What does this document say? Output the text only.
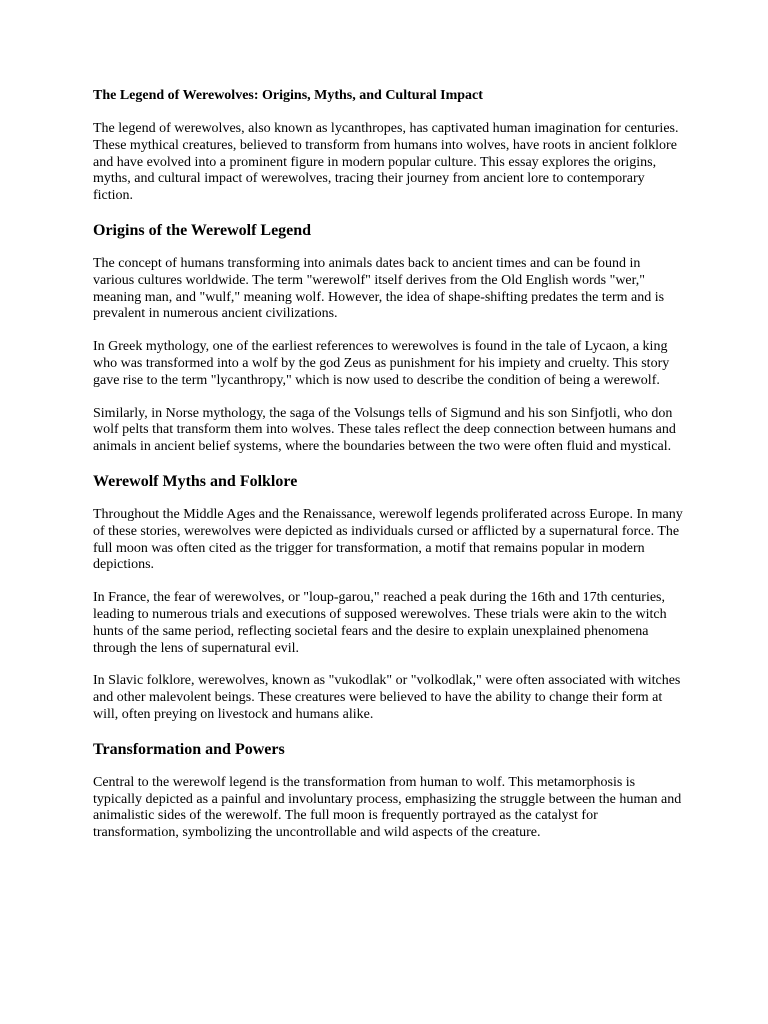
The Legend of Werewolves: Origins, Myths, and Cultural Impact

The legend of werewolves, also known as lycanthropes, has captivated human imagination for centuries. These mythical creatures, believed to transform from humans into wolves, have roots in ancient folklore and have evolved into a prominent figure in modern popular culture. This essay explores the origins, myths, and cultural impact of werewolves, tracing their journey from ancient lore to contemporary fiction.

Origins of the Werewolf Legend

The concept of humans transforming into animals dates back to ancient times and can be found in various cultures worldwide. The term "werewolf" itself derives from the Old English words "wer," meaning man, and "wulf," meaning wolf. However, the idea of shape-shifting predates the term and is prevalent in numerous ancient civilizations.

In Greek mythology, one of the earliest references to werewolves is found in the tale of Lycaon, a king who was transformed into a wolf by the god Zeus as punishment for his impiety and cruelty. This story gave rise to the term "lycanthropy," which is now used to describe the condition of being a werewolf.

Similarly, in Norse mythology, the saga of the Volsungs tells of Sigmund and his son Sinfjotli, who don wolf pelts that transform them into wolves. These tales reflect the deep connection between humans and animals in ancient belief systems, where the boundaries between the two were often fluid and mystical.

Werewolf Myths and Folklore

Throughout the Middle Ages and the Renaissance, werewolf legends proliferated across Europe. In many of these stories, werewolves were depicted as individuals cursed or afflicted by a supernatural force. The full moon was often cited as the trigger for transformation, a motif that remains popular in modern depictions.

In France, the fear of werewolves, or "loup-garou," reached a peak during the 16th and 17th centuries, leading to numerous trials and executions of supposed werewolves. These trials were akin to the witch hunts of the same period, reflecting societal fears and the desire to explain unexplained phenomena through the lens of supernatural evil.

In Slavic folklore, werewolves, known as "vukodlak" or "volkodlak," were often associated with witches and other malevolent beings. These creatures were believed to have the ability to change their form at will, often preying on livestock and humans alike.

Transformation and Powers

Central to the werewolf legend is the transformation from human to wolf. This metamorphosis is typically depicted as a painful and involuntary process, emphasizing the struggle between the human and animalistic sides of the werewolf. The full moon is frequently portrayed as the catalyst for transformation, symbolizing the uncontrollable and wild aspects of the creature.
